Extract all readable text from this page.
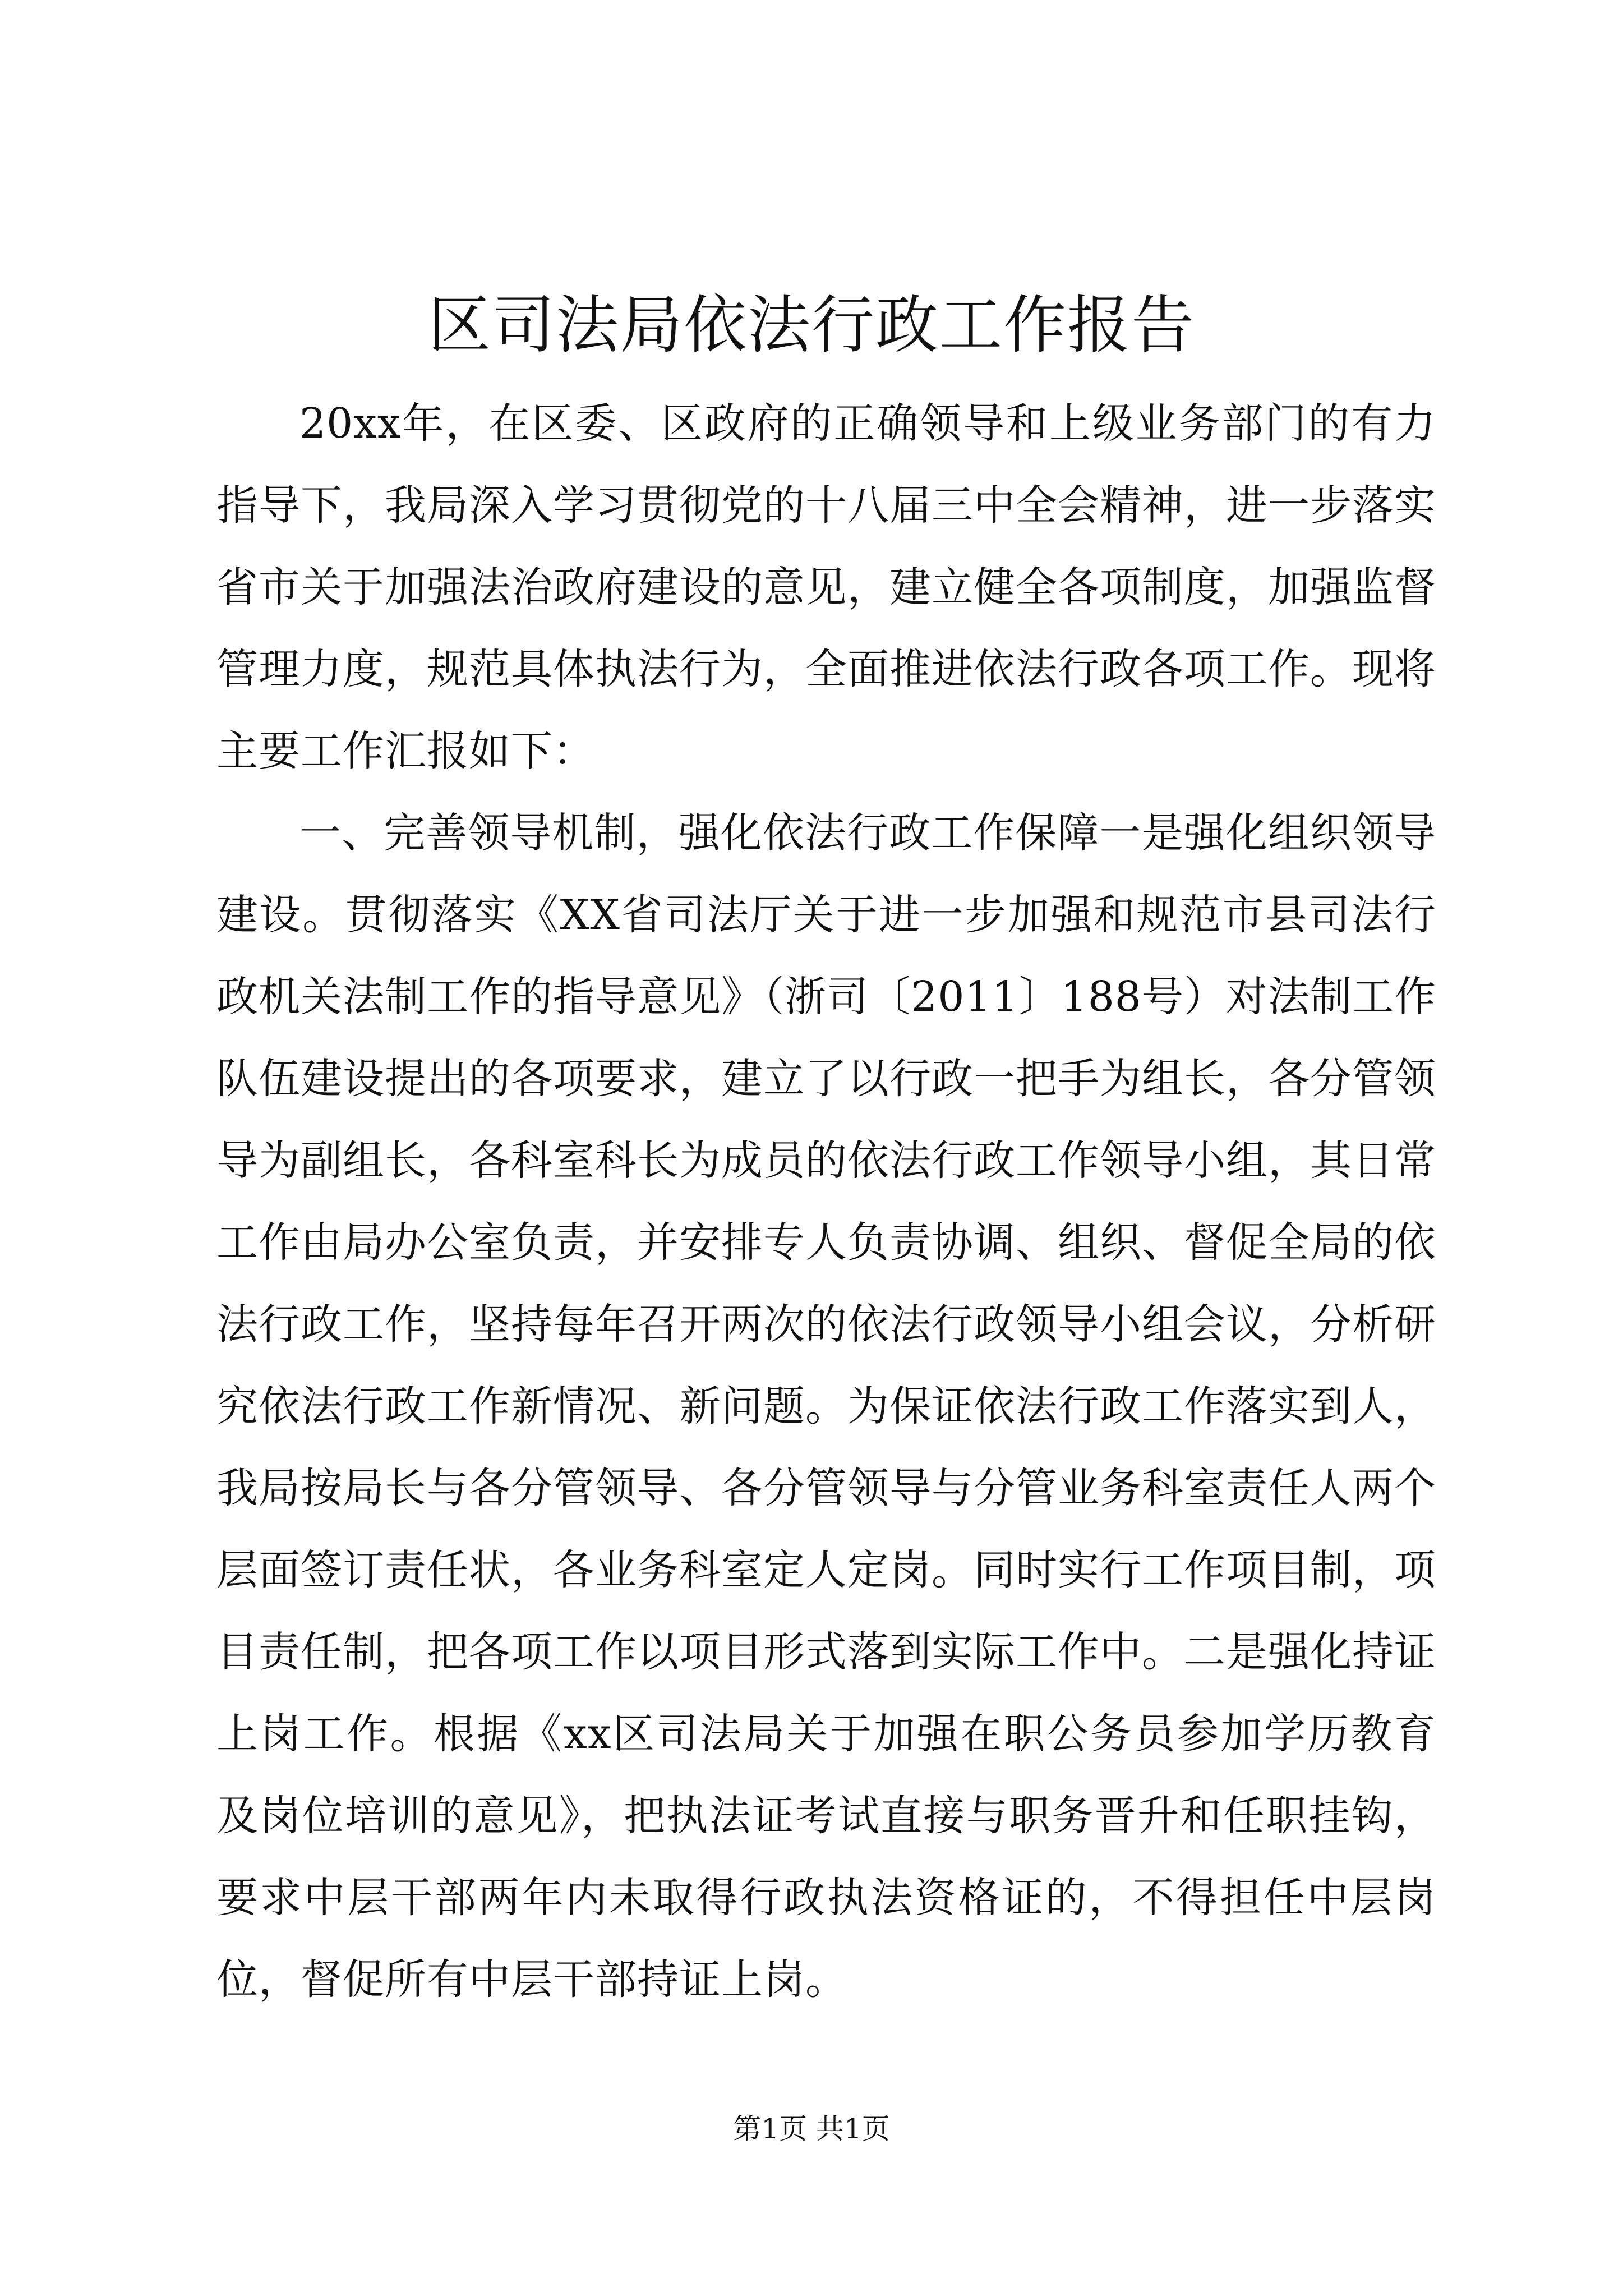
区司法局依法行政工作报告

20xx年，在区委、区政府的正确领导和上级业务部门的有力指导下，我局深入学习贯彻党的十八届三中全会精神，进一步落实省市关于加强法治政府建设的意见，建立健全各项制度，加强监督管理力度，规范具体执法行为，全面推进依法行政各项工作。现将主要工作汇报如下：

一、完善领导机制，强化依法行政工作保障一是强化组织领导建设。贯彻落实《XX省司法厅关于进一步加强和规范市县司法行政机关法制工作的指导意见》（浙司〔2011〕188号）对法制工作队伍建设提出的各项要求，建立了以行政一把手为组长，各分管领导为副组长，各科室科长为成员的依法行政工作领导小组，其日常工作由局办公室负责，并安排专人负责协调、组织、督促全局的依法行政工作，坚持每年召开两次的依法行政领导小组会议，分析研究依法行政工作新情况、新问题。为保证依法行政工作落实到人，我局按局长与各分管领导、各分管领导与分管业务科室责任人两个层面签订责任状，各业务科室定人定岗。同时实行工作项目制，项目责任制，把各项工作以项目形式落到实际工作中。二是强化持证上岗工作。根据《xx区司法局关于加强在职公务员参加学历教育及岗位培训的意见》，把执法证考试直接与职务晋升和任职挂钩，要求中层干部两年内未取得行政执法资格证的，不得担任中层岗位，督促所有中层干部持证上岗。

第1页 共1页
